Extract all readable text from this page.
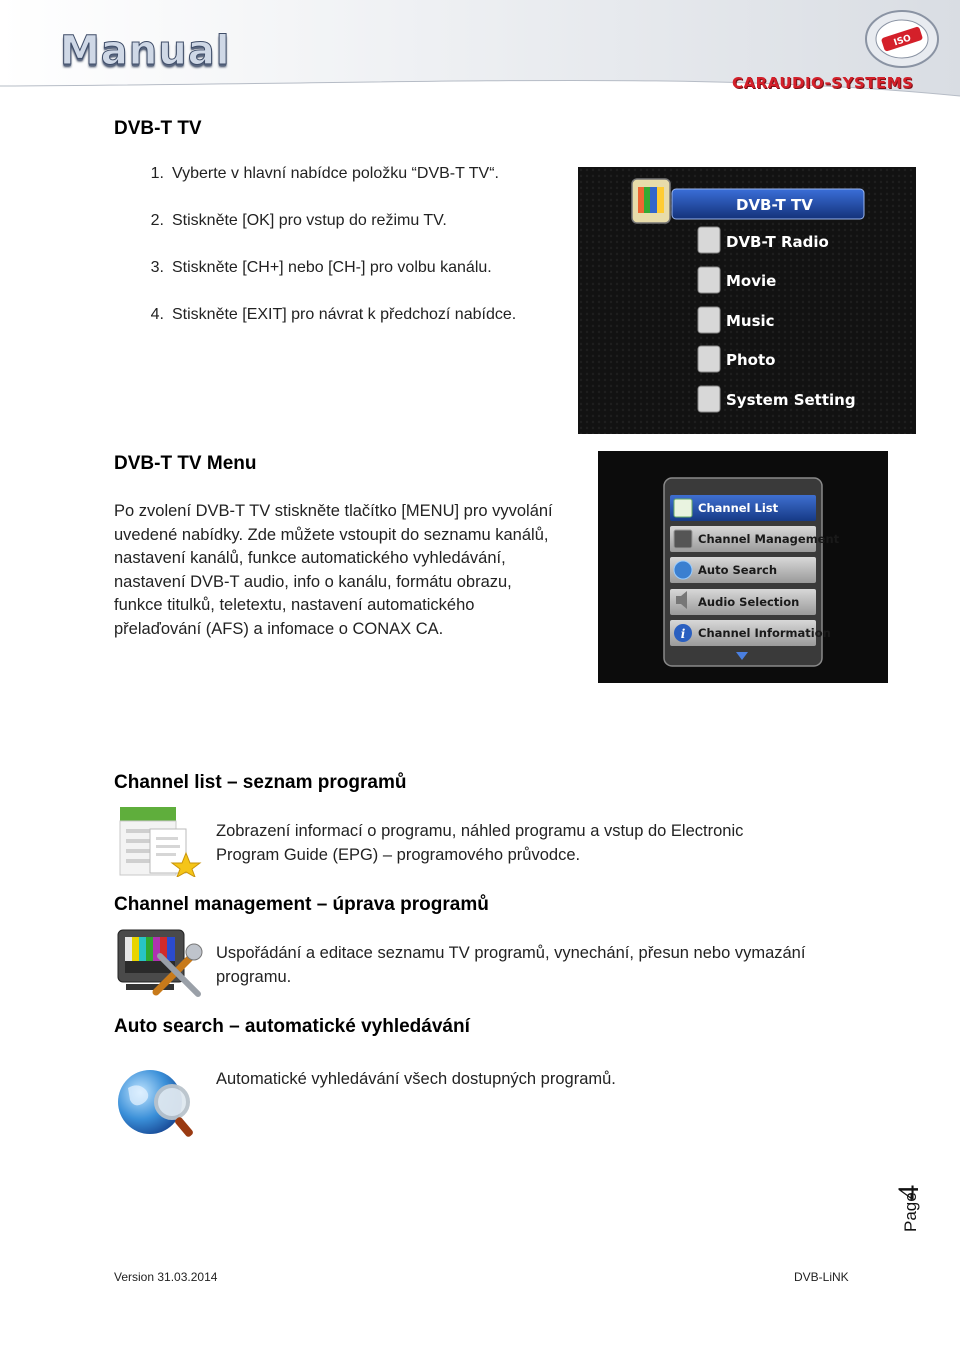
Manual	ISO
CARAUDIO-SYSTEMS
DVB-T TV
1. Vyberte v hlavní nabídce položku “DVB-T TV“.
2. Stiskněte [OK] pro vstup do režimu TV.
3. Stiskněte [CH+] nebo [CH-] pro volbu kanálu.
4. Stiskněte [EXIT] pro návrat k předchozí nabídce.
DVB-T TV
DVB-T Radio
Movie
Music
Photo
System Setting
DVB-T TV Menu
Po zvolení DVB-T TV stiskněte tlačítko [MENU] pro vyvolání
uvedené nabídky. Zde můžete vstoupit do seznamu kanálů,
nastavení kanálů, funkce automatického vyhledávání,
nastavení DVB-T audio, info o kanálu, formátu obrazu,
funkce titulků, teletextu, nastavení automatického
přelaďování (AFS) a infomace o CONAX CA.
Channel List
Channel Management
Auto Search
Audio Selection
Channel Information
i
Channel list – seznam programů
Zobrazení informací o programu, náhled programu a vstup do Electronic
Program Guide (EPG) – programového průvodce.
Channel management – úprava programů
Uspořádání a editace seznamu TV programů, vynechání, přesun nebo vymazání
programu.
Auto search – automatické vyhledávání
Automatické vyhledávání všech dostupných programů.
Page
4
Version 31.03.2014	DVB-LiNK
